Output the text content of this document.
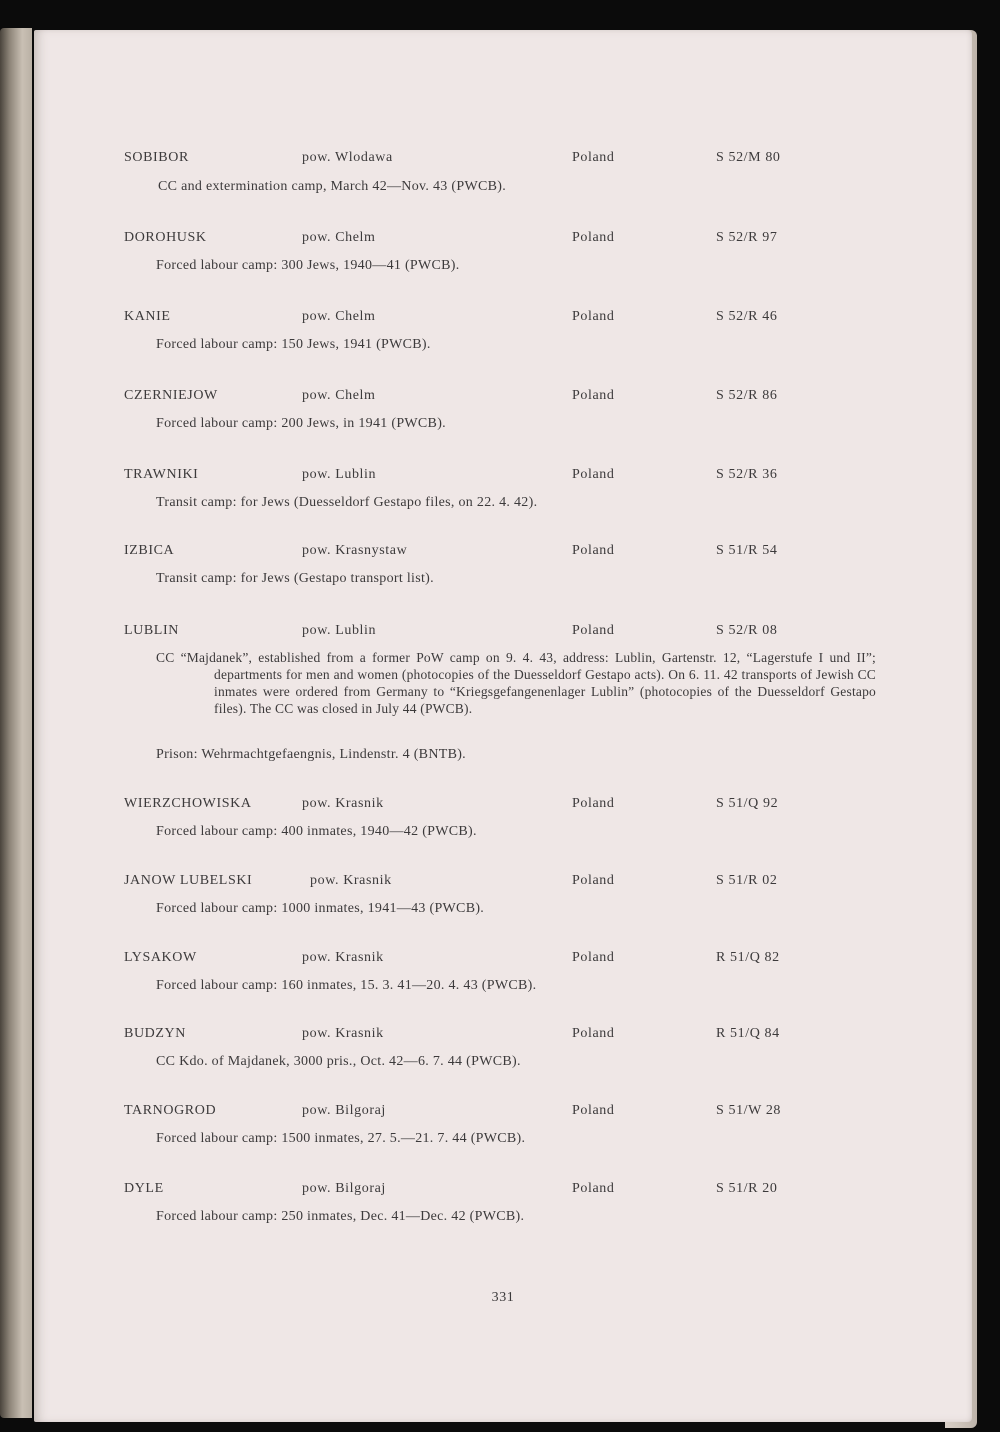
SOBIBOR	pow. Wlodawa	Poland	S 52/M 80
CC and extermination camp, March 42—Nov. 43 (PWCB).
DOROHUSK	pow. Chelm	Poland	S 52/R 97
Forced labour camp: 300 Jews, 1940—41 (PWCB).
KANIE	pow. Chelm	Poland	S 52/R 46
Forced labour camp: 150 Jews, 1941 (PWCB).
CZERNIEJOW	pow. Chelm	Poland	S 52/R 86
Forced labour camp: 200 Jews, in 1941 (PWCB).
TRAWNIKI	pow. Lublin	Poland	S 52/R 36
Transit camp: for Jews (Duesseldorf Gestapo files, on 22. 4. 42).
IZBICA	pow. Krasnystaw	Poland	S 51/R 54
Transit camp: for Jews (Gestapo transport list).
LUBLIN	pow. Lublin	Poland	S 52/R 08
CC “Majdanek”, established from a former PoW camp on 9. 4. 43, address: Lublin, Gartenstr. 12, “Lagerstufe I und II”; departments for men and women (photocopies of the Duesseldorf Gestapo acts). On 6. 11. 42 transports of Jewish CC inmates were ordered from Germany to “Kriegsgefangenenlager Lublin” (photocopies of the Duesseldorf Gestapo files). The CC was closed in July 44 (PWCB).
Prison: Wehrmachtgefaengnis, Lindenstr. 4 (BNTB).
WIERZCHOWISKA	pow. Krasnik	Poland	S 51/Q 92
Forced labour camp: 400 inmates, 1940—42 (PWCB).
JANOW LUBELSKI	pow. Krasnik	Poland	S 51/R 02
Forced labour camp: 1000 inmates, 1941—43 (PWCB).
LYSAKOW	pow. Krasnik	Poland	R 51/Q 82
Forced labour camp: 160 inmates, 15. 3. 41—20. 4. 43 (PWCB).
BUDZYN	pow. Krasnik	Poland	R 51/Q 84
CC Kdo. of Majdanek, 3000 pris., Oct. 42—6. 7. 44 (PWCB).
TARNOGROD	pow. Bilgoraj	Poland	S 51/W 28
Forced labour camp: 1500 inmates, 27. 5.—21. 7. 44 (PWCB).
DYLE	pow. Bilgoraj	Poland	S 51/R 20
Forced labour camp: 250 inmates, Dec. 41—Dec. 42 (PWCB).
331
